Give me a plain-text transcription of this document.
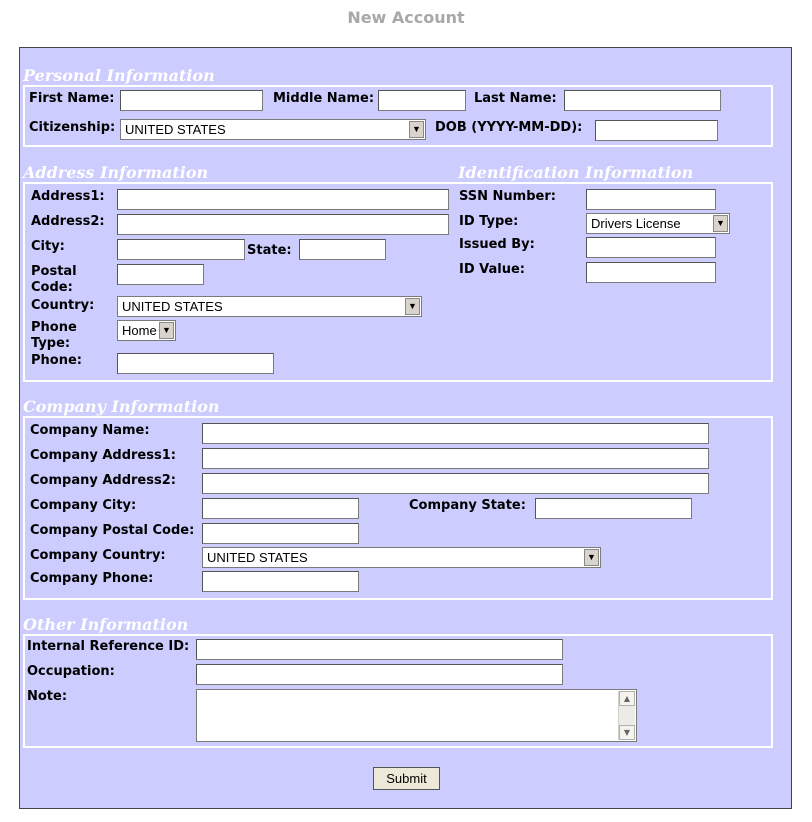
New Account
Personal Information
First Name:	Middle Name:	Last Name:
Citizenship: UNITED STATES	▼ DOB (YYYY-MM-DD):
Address Information	Identification Information
Address1:
Address2:
City:	State:
Postal
Code:
Country:	UNITED STATES	▼
Phone
Type:
Home ▼
Phone:
SSN Number:
ID Type:	Drivers License	▼
Issued By:
ID Value:
Company Information
Company Name:
Company Address1:
Company Address2:
Company City:	Company State:
Company Postal Code:
Company Country:	UNITED STATES	▼
Company Phone:
Other Information
Internal Reference ID:
Occupation:
Note:	▲
▼
Submit
